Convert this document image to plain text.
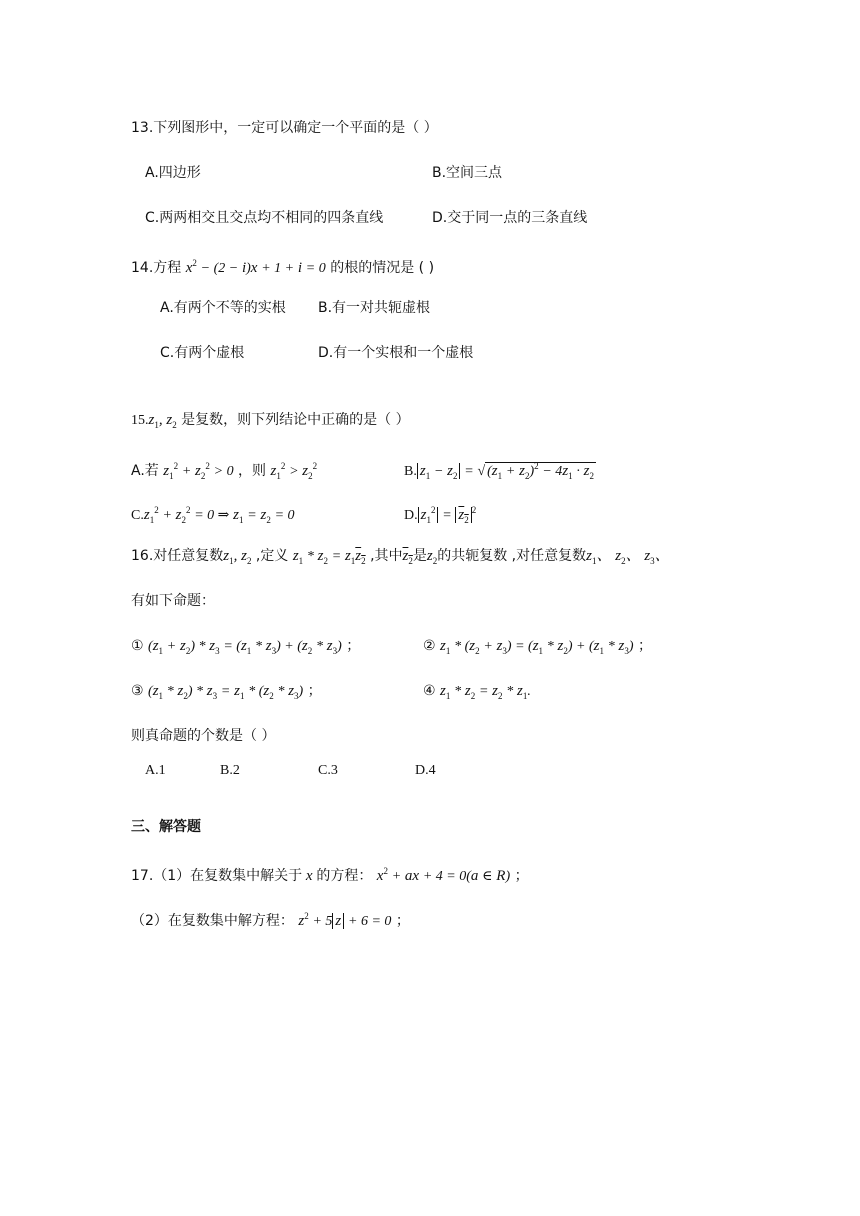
13.下列图形中，一定可以确定一个平面的是（ ）
A.四边形	B.空间三点
C.两两相交且交点均不相同的四条直线	D.交于同一点的三条直线
14.方程 $x^2 - (2 - i)x + 1 + i = 0$ 的根的情况是 ( )
A.有两个不等的实根 B.有一对共轭虚根
C.有两个虚根	D.有一个实根和一个虚根
$15.z_1$, $z_2$ 是复数，则下列结论中正确的是（ ）
A.若 $z_1^2 + z_2^2 > 0$ ，则 $z_1^2 > z_2^2$	B. $z_1 - z_2$ = √ $(z_1 + z_2)^2 - 4z_1 \cdot z_2$
$C.z_1^2 + z_2^2 = 0$ ⇒ $z_1 = z_2 = 0$	D. $z_1^2 = z_2^2$
16.对任意复数$z_1$, $z_2$ ,定义 $z_1 * z_2 = z_1z_2$ ,其中$z_2$是$z_2$的共轭复数 ,对任意复数$z_1$、 $z_2$、 $z_3$、
有如下命题：
① $(z_1 + z_2) * z_3 = (z_1 * z_3) + (z_2 * z_3)$ ；	② $z_1 * (z_2 + z_3) = (z_1 * z_2) + (z_1 * z_3)$ ；
③ $(z_1 * z_2) * z_3 = z_1 * (z_2 * z_3)$ ；	④ $z_1 * z_2 = z_2 * z_1$.
则真命题的个数是（ ）
A.1	B.2	C.3	D.4
三、解答题
17.（1）在复数集中解关于 x 的方程： $x^2$ + ax + 4 = 0(a ∈ R) ；
（2）在复数集中解方程： $z^2 + 5$ z + 6 = 0 ；
